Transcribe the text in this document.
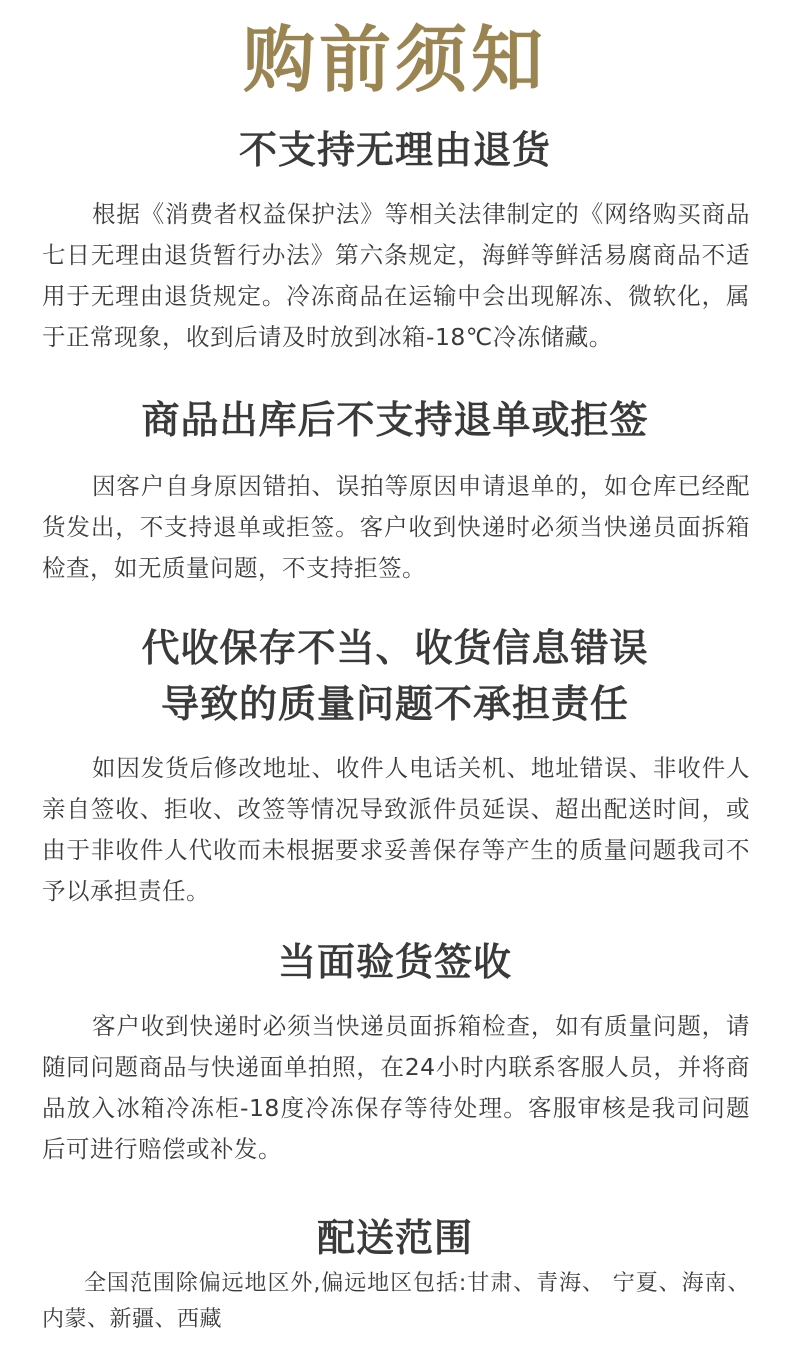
购前须知
不支持无理由退货

根据《消费者权益保护法》等相关法律制定的《网络购买商品七日无理由退货暂行办法》第六条规定，海鲜等鲜活易腐商品不适用于无理由退货规定。冷冻商品在运输中会出现解冻、微软化，属于正常现象，收到后请及时放到冰箱-18℃冷冻储藏。

商品出库后不支持退单或拒签

因客户自身原因错拍、误拍等原因申请退单的，如仓库已经配货发出，不支持退单或拒签。客户收到快递时必须当快递员面拆箱检查，如无质量问题，不支持拒签。

代收保存不当、收货信息错误
导致的质量问题不承担责任

如因发货后修改地址、收件人电话关机、地址错误、非收件人亲自签收、拒收、改签等情况导致派件员延误、超出配送时间，或由于非收件人代收而未根据要求妥善保存等产生的质量问题我司不予以承担责任。

当面验货签收

客户收到快递时必须当快递员面拆箱检查，如有质量问题，请随同问题商品与快递面单拍照，在24小时内联系客服人员，并将商品放入冰箱冷冻柜-18度冷冻保存等待处理。客服审核是我司问题后可进行赔偿或补发。

配送范围

全国范围除偏远地区外,偏远地区包括:甘肃、青海、 宁夏、海南、内蒙、新疆、西藏
